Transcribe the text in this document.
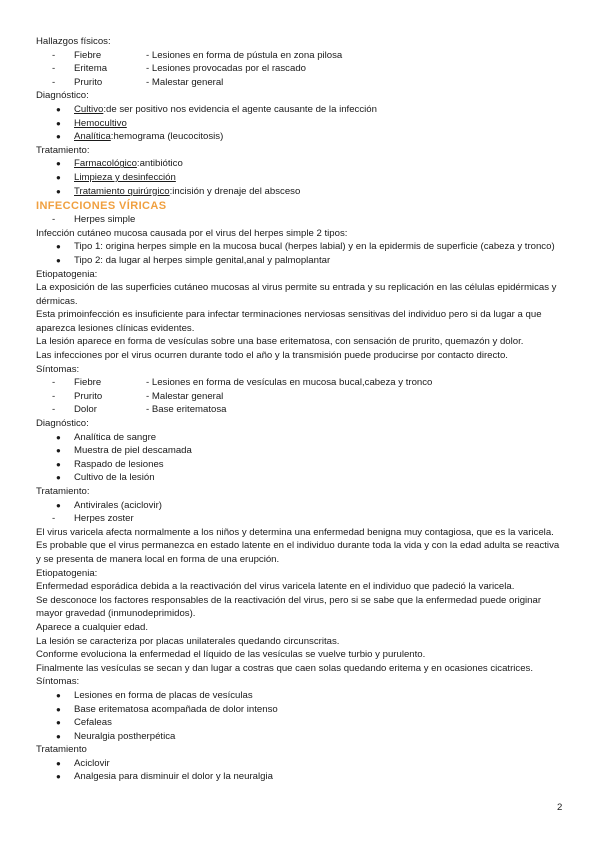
Hallazgos físicos:
- Fiebre	- Lesiones en forma de pústula en zona pilosa
- Eritema	- Lesiones provocadas por el rascado
- Prurito	- Malestar general
Diagnóstico:
● Cultivo:de ser positivo nos evidencia el agente causante de la infección
● Hemocultivo
● Analítica:hemograma (leucocitosis)
Tratamiento:
● Farmacológico:antibiótico
● Limpieza y desinfección
● Tratamiento quirúrgico:incisión y drenaje del absceso
INFECCIONES VÍRICAS
- Herpes simple
Infección cutáneo mucosa causada por el virus del herpes simple 2 tipos:
● Tipo 1: origina herpes simple en la mucosa bucal (herpes labial) y en la epidermis de superficie (cabeza y tronco)
● Tipo 2: da lugar al herpes simple genital,anal y palmoplantar
Etiopatogenia:
La exposición de las superficies cutáneo mucosas al virus permite su entrada y su replicación en las células epidérmicas y dérmicas.
Esta primoinfección es insuficiente para infectar terminaciones nerviosas sensitivas del individuo pero si da lugar a que aparezca lesiones clínicas evidentes.
La lesión aparece en forma de vesículas sobre una base eritematosa, con sensación de prurito, quemazón y dolor.
Las infecciones por el virus ocurren durante todo el año y la transmisión puede producirse por contacto directo.
Síntomas:
- Fiebre	- Lesiones en forma de vesículas en mucosa bucal,cabeza y tronco
- Prurito	- Malestar general
- Dolor	- Base eritematosa
Diagnóstico:
● Analítica de sangre
● Muestra de piel descamada
● Raspado de lesiones
● Cultivo de la lesión
Tratamiento:
● Antivirales (aciclovir)
- Herpes zoster
El virus varicela afecta normalmente a los niños y determina una enfermedad benigna muy contagiosa, que es la varicela.
Es probable que el virus permanezca en estado latente en el individuo durante toda la vida y con la edad adulta se reactiva y se presenta de manera local en forma de una erupción.
Etiopatogenia:
Enfermedad esporádica debida a la reactivación del virus varicela latente en el individuo que padeció la varicela.
Se desconoce los factores responsables de la reactivación del virus, pero si se sabe que la enfermedad puede originar mayor gravedad (inmunodeprimidos).
Aparece a cualquier edad.
La lesión se caracteriza por placas unilaterales quedando circunscritas.
Conforme evoluciona la enfermedad el líquido de las vesículas se vuelve turbio y purulento.
Finalmente las vesículas se secan y dan lugar a costras que caen solas quedando eritema y en ocasiones cicatrices.
Síntomas:
● Lesiones en forma de placas de vesículas
● Base eritematosa acompañada de dolor intenso
● Cefaleas
● Neuralgia postherpética
Tratamiento
● Aciclovir
● Analgesia para disminuir el dolor y la neuralgia
2
